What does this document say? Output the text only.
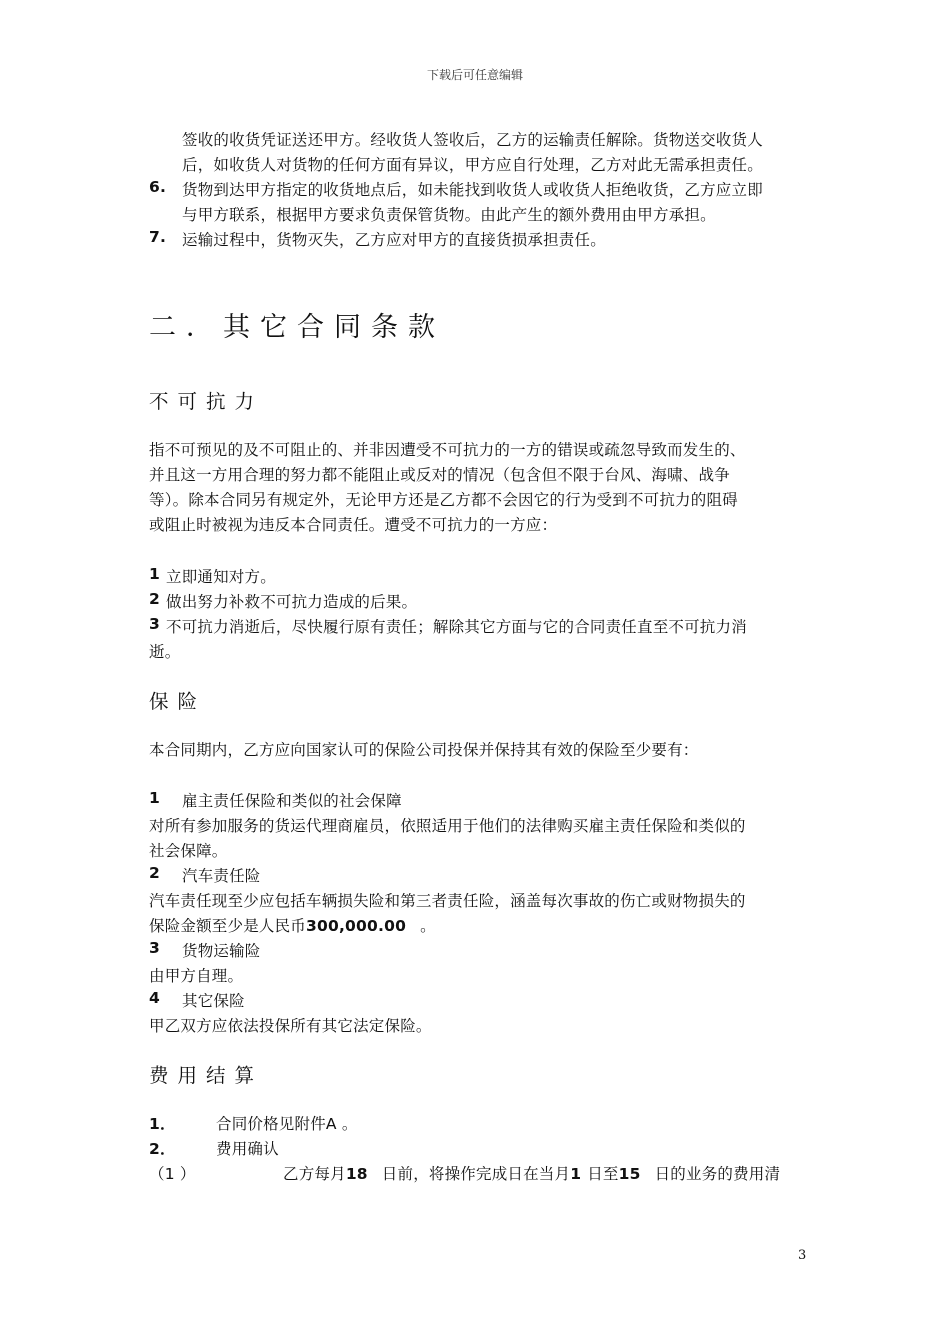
下载后可任意编辑
签收的收货凭证送还甲方。经收货人签收后，乙方的运输责任解除。货物送交收货人
后，如收货人对货物的任何方面有异议，甲方应自行处理，乙方对此无需承担责任。
6. 货物到达甲方指定的收货地点后，如未能找到收货人或收货人拒绝收货，乙方应立即
与甲方联系，根据甲方要求负责保管货物。由此产生的额外费用由甲方承担。
7. 运输过程中，货物灭失，乙方应对甲方的直接货损承担责任。
二．其它合同条款
不可抗力
指不可预见的及不可阻止的、并非因遭受不可抗力的一方的错误或疏忽导致而发生的、
并且这一方用合理的努力都不能阻止或反对的情况（包含但不限于台风、海啸、战争
等）。除本合同另有规定外，无论甲方还是乙方都不会因它的行为受到不可抗力的阻碍
或阻止时被视为违反本合同责任。遭受不可抗力的一方应：
1 立即通知对方。
2 做出努力补救不可抗力造成的后果。
3 不可抗力消逝后，尽快履行原有责任；解除其它方面与它的合同责任直至不可抗力消
逝。
保险
本合同期内，乙方应向国家认可的保险公司投保并保持其有效的保险至少要有：
1 雇主责任保险和类似的社会保障
对所有参加服务的货运代理商雇员，依照适用于他们的法律购买雇主责任保险和类似的
社会保障。
2 汽车责任险
汽车责任现至少应包括车辆损失险和第三者责任险，涵盖每次事故的伤亡或财物损失的
保险金额至少是人民币300,000.00 。
3 货物运输险
由甲方自理。
4 其它保险
甲乙双方应依法投保所有其它法定保险。
费用结算
1．	合同价格见附件A 。
2．	费用确认
（1 ）	乙方每月18 日前，将操作完成日在当月1 日至15 日的业务的费用清
3
